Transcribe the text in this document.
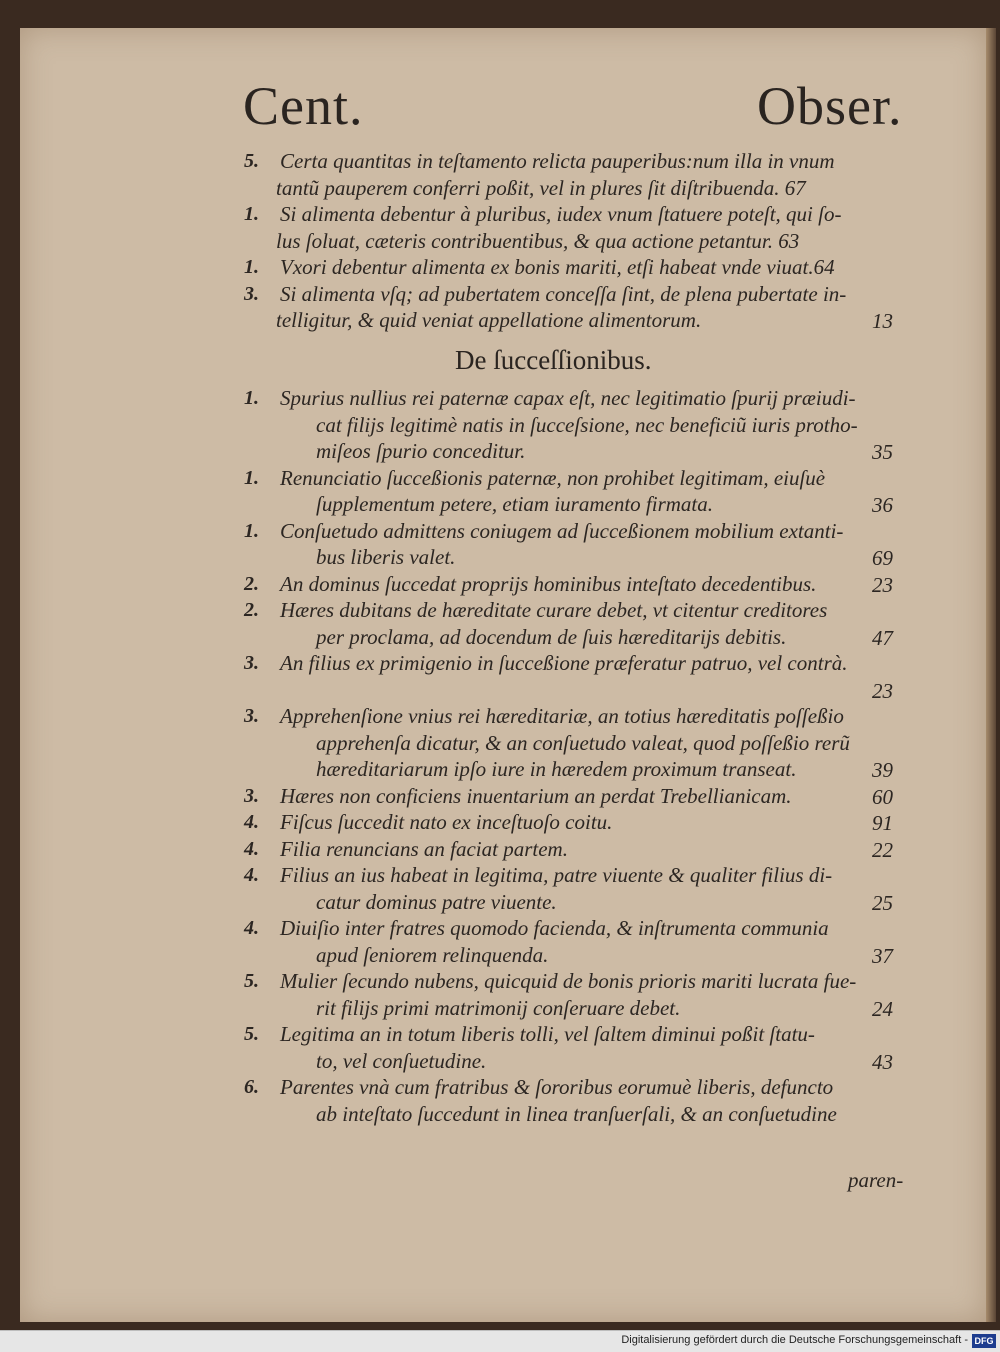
Cent.	Obser.
5. Certa quantitas in teſtamento relicta pauperibus:num illa in vnum
tantũ pauperem conferri poßit, vel in plures ſit diſtribuenda. 67
1. Si alimenta debentur à pluribus, iudex vnum ſtatuere poteſt, qui ſo-
lus ſoluat, cæteris contribuentibus, & qua actione petantur. 63
1. Vxori debentur alimenta ex bonis mariti, etſi habeat vnde viuat.64
3. Si alimenta vſq; ad pubertatem conceſſa ſint, de plena pubertate in-
telligitur, & quid veniat appellatione alimentorum.	13
1. Spurius nullius rei paternæ capax eſt, nec legitimatio ſpurij præiudi-
cat filijs legitimè natis in ſucceſsione, nec beneficiũ iuris protho-
miſeos ſpurio conceditur.	35
1. Renunciatio ſucceßionis paternæ, non prohibet legitimam, eiuſuè
ſupplementum petere, etiam iuramento firmata.	36
1. Conſuetudo admittens coniugem ad ſucceßionem mobilium extanti-
bus liberis valet.	69
2. An dominus ſuccedat proprijs hominibus inteſtato decedentibus.	23
2. Hæres dubitans de hæreditate curare debet, vt citentur creditores
per proclama, ad docendum de ſuis hæreditarijs debitis.	47
3. An filius ex primigenio in ſucceßione præferatur patruo, vel contrà.
23
3. Apprehenſione vnius rei hæreditariæ, an totius hæreditatis poſſeßio
apprehenſa dicatur, & an conſuetudo valeat, quod poſſeßio rerũ
hæreditariarum ipſo iure in hæredem proximum transeat.	39
3. Hæres non conficiens inuentarium an perdat Trebellianicam.	60
4. Fiſcus ſuccedit nato ex inceſtuoſo coitu.	91
4. Filia renuncians an faciat partem.	22
4. Filius an ius habeat in legitima, patre viuente & qualiter filius di-
catur dominus patre viuente.	25
4. Diuiſio inter fratres quomodo facienda, & inſtrumenta communia
apud ſeniorem relinquenda.	37
5. Mulier ſecundo nubens, quicquid de bonis prioris mariti lucrata fue-
rit filijs primi matrimonij conſeruare debet.	24
5. Legitima an in totum liberis tolli, vel ſaltem diminui poßit ſtatu-
to, vel conſuetudine.	43
6. Parentes vnà cum fratribus & ſororibus eorumuè liberis, defuncto
ab inteſtato ſuccedunt in linea tranſuerſali, & an conſuetudine
De ſucceſſionibus.
paren-
Digitalisierung gefördert durch die Deutsche Forschungsgemeinschaft - DFG
